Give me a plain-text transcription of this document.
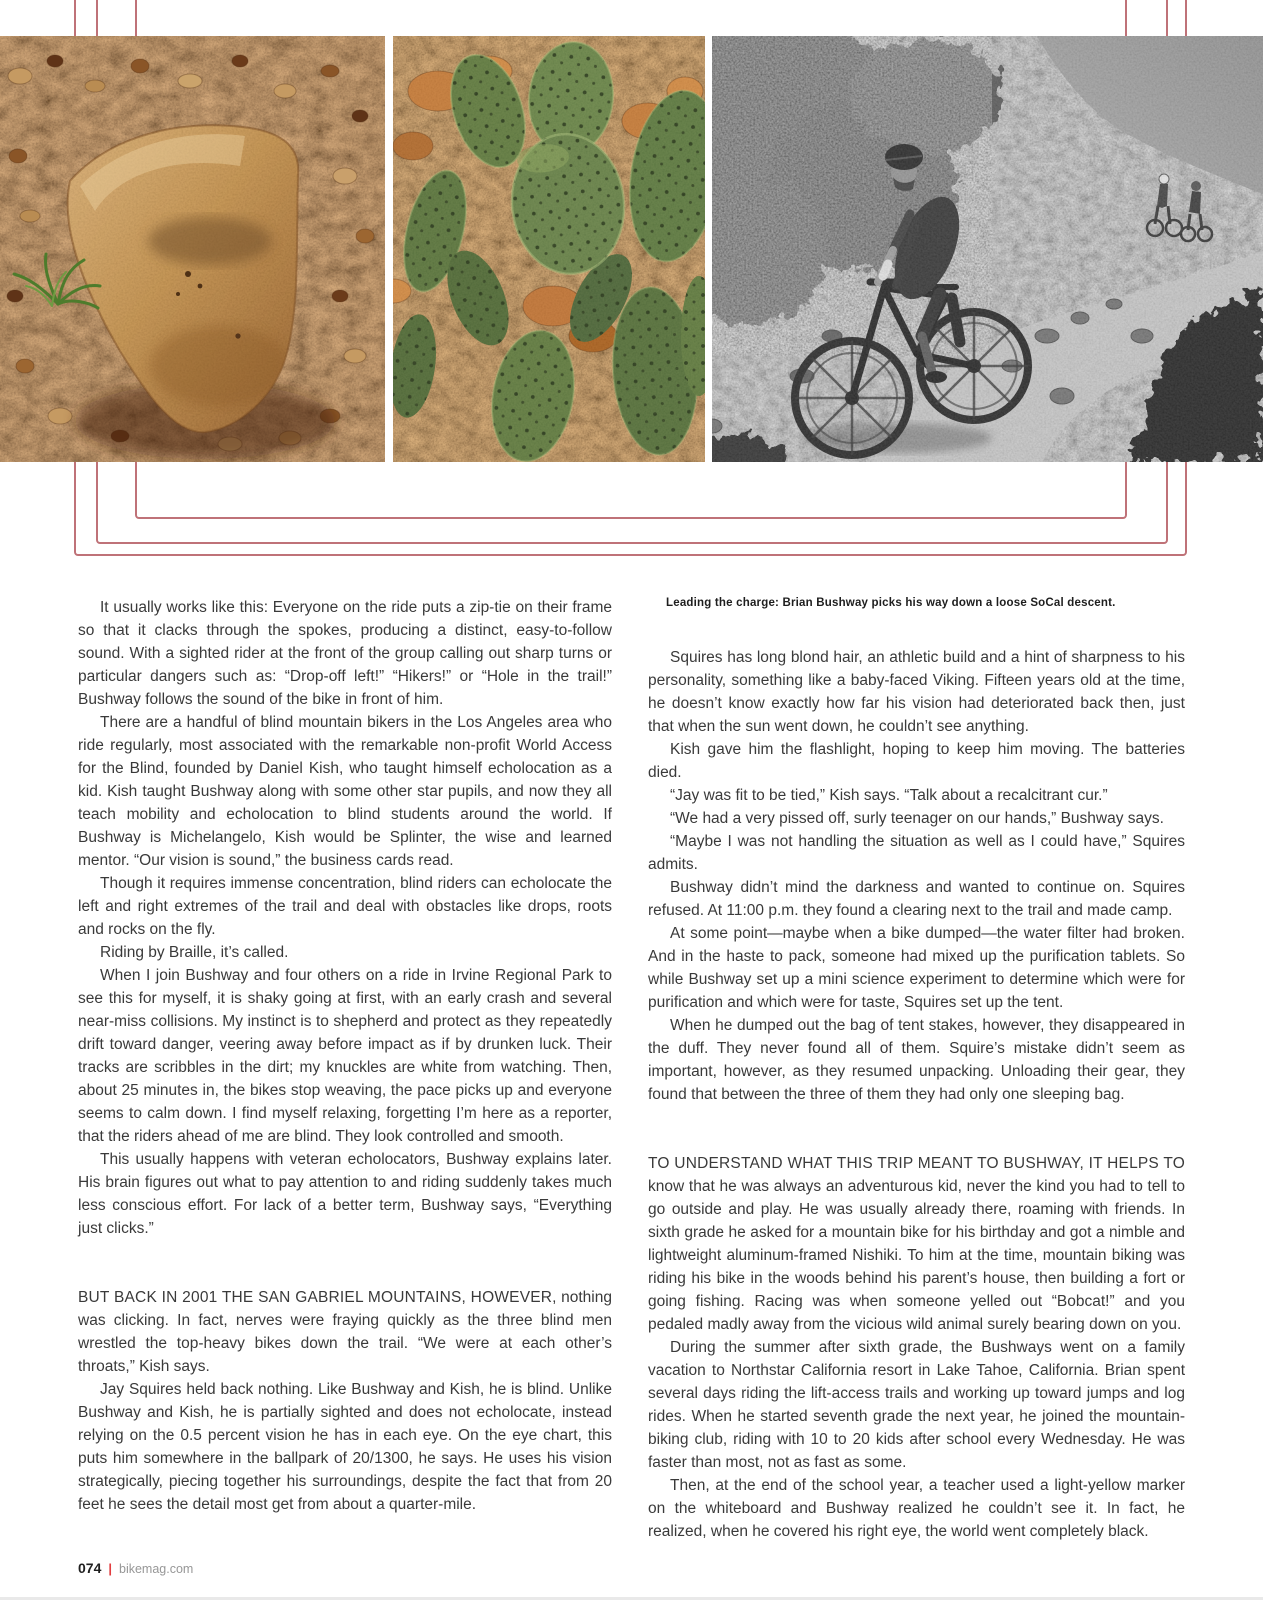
It usually works like this: Everyone on the ride puts a zip-tie on their frame so that it clacks through the spokes, producing a distinct, easy-to-follow sound. With a sighted rider at the front of the group calling out sharp turns or particular dangers such as: “Drop-off left!” “Hikers!” or “Hole in the trail!” Bushway follows the sound of the bike in front of him.

There are a handful of blind mountain bikers in the Los Angeles area who ride regularly, most associated with the remarkable non-profit World Access for the Blind, founded by Daniel Kish, who taught himself echolocation as a kid. Kish taught Bushway along with some other star pupils, and now they all teach mobility and echolocation to blind students around the world. If Bushway is Michelangelo, Kish would be Splinter, the wise and learned mentor. “Our vision is sound,” the business cards read.

Though it requires immense concentration, blind riders can echolocate the left and right extremes of the trail and deal with obstacles like drops, roots and rocks on the fly.

Riding by Braille, it’s called.

When I join Bushway and four others on a ride in Irvine Regional Park to see this for myself, it is shaky going at first, with an early crash and several near-miss collisions. My instinct is to shepherd and protect as they repeatedly drift toward danger, veering away before impact as if by drunken luck. Their tracks are scribbles in the dirt; my knuckles are white from watching. Then, about 25 minutes in, the bikes stop weaving, the pace picks up and everyone seems to calm down. I find myself relaxing, forgetting I’m here as a reporter, that the riders ahead of me are blind. They look controlled and smooth.

This usually happens with veteran echolocators, Bushway explains later. His brain figures out what to pay attention to and riding suddenly takes much less conscious effort. For lack of a better term, Bushway says, “Everything just clicks.”

BUT BACK IN 2001 THE SAN GABRIEL MOUNTAINS, HOWEVER, nothing was clicking. In fact, nerves were fraying quickly as the three blind men wrestled the top-heavy bikes down the trail. “We were at each other’s throats,” Kish says.

Jay Squires held back nothing. Like Bushway and Kish, he is blind. Unlike Bushway and Kish, he is partially sighted and does not echolocate, instead relying on the 0.5 percent vision he has in each eye. On the eye chart, this puts him somewhere in the ballpark of 20/1300, he says. He uses his vision strategically, piecing together his surroundings, despite the fact that from 20 feet he sees the detail most get from about a quarter-mile.

Leading the charge: Brian Bushway picks his way down a loose SoCal descent.

Squires has long blond hair, an athletic build and a hint of sharpness to his personality, something like a baby-faced Viking. Fifteen years old at the time, he doesn’t know exactly how far his vision had deteriorated back then, just that when the sun went down, he couldn’t see anything.

Kish gave him the flashlight, hoping to keep him moving. The batteries died.

“Jay was fit to be tied,” Kish says. “Talk about a recalcitrant cur.”

“We had a very pissed off, surly teenager on our hands,” Bushway says.

“Maybe I was not handling the situation as well as I could have,” Squires admits.

Bushway didn’t mind the darkness and wanted to continue on. Squires refused. At 11:00 p.m. they found a clearing next to the trail and made camp.

At some point—maybe when a bike dumped—the water filter had broken. And in the haste to pack, someone had mixed up the purification tablets. So while Bushway set up a mini science experiment to determine which were for purification and which were for taste, Squires set up the tent.

When he dumped out the bag of tent stakes, however, they disappeared in the duff. They never found all of them. Squire’s mistake didn’t seem as important, however, as they resumed unpacking. Unloading their gear, they found that between the three of them they had only one sleeping bag.

TO UNDERSTAND WHAT THIS TRIP MEANT TO BUSHWAY, IT HELPS TO know that he was always an adventurous kid, never the kind you had to tell to go outside and play. He was usually already there, roaming with friends. In sixth grade he asked for a mountain bike for his birthday and got a nimble and lightweight aluminum-framed Nishiki. To him at the time, mountain biking was riding his bike in the woods behind his parent’s house, then building a fort or going fishing. Racing was when someone yelled out “Bobcat!” and you pedaled madly away from the vicious wild animal surely bearing down on you.

During the summer after sixth grade, the Bushways went on a family vacation to Northstar California resort in Lake Tahoe, California. Brian spent several days riding the lift-access trails and working up toward jumps and log rides. When he started seventh grade the next year, he joined the mountain-biking club, riding with 10 to 20 kids after school every Wednesday. He was faster than most, not as fast as some.

Then, at the end of the school year, a teacher used a light-yellow marker on the whiteboard and Bushway realized he couldn’t see it. In fact, he realized, when he covered his right eye, the world went completely black.

074 | bikemag.com
